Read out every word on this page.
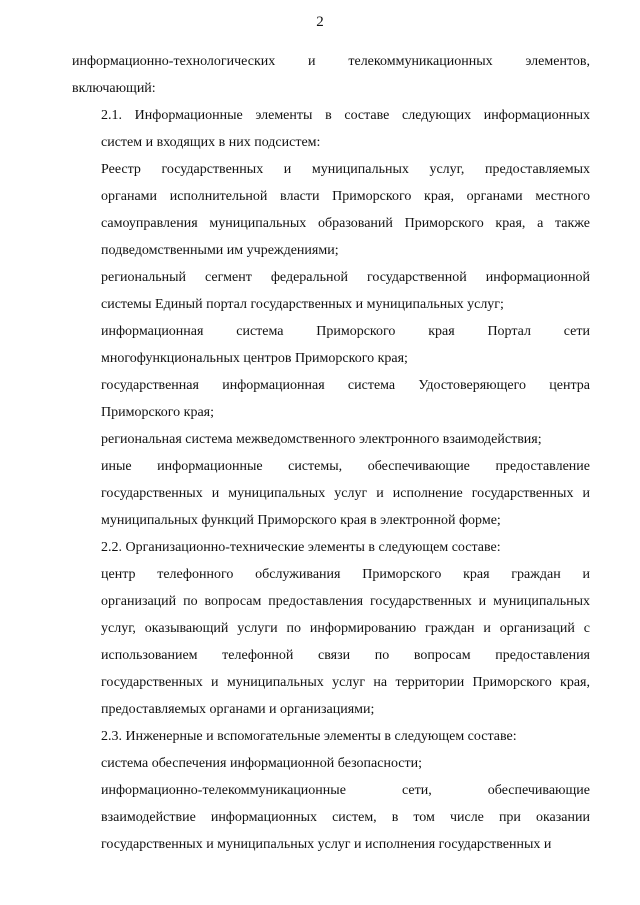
2

информационно-технологических и телекоммуникационных элементов,
включающий:

2.1. Информационные элементы в составе следующих информационных
систем и входящих в них подсистем:

Реестр государственных и муниципальных услуг, предоставляемых
органами исполнительной власти Приморского края, органами местного
самоуправления муниципальных образований Приморского края, а также
подведомственными им учреждениями;

региональный сегмент федеральной государственной информационной
системы Единый портал государственных и муниципальных услуг;

информационная система Приморского края Портал сети
многофункциональных центров Приморского края;

государственная информационная система Удостоверяющего центра
Приморского края;

региональная система межведомственного электронного взаимодействия;

иные информационные системы, обеспечивающие предоставление
государственных и муниципальных услуг и исполнение государственных и
муниципальных функций Приморского края в электронной форме;

2.2. Организационно-технические элементы в следующем составе:

центр телефонного обслуживания Приморского края граждан и
организаций по вопросам предоставления государственных и муниципальных
услуг, оказывающий услуги по информированию граждан и организаций с
использованием телефонной связи по вопросам предоставления
государственных и муниципальных услуг на территории Приморского края,
предоставляемых органами и организациями;

2.3. Инженерные и вспомогательные элементы в следующем составе:

система обеспечения информационной безопасности;

информационно-телекоммуникационные сети, обеспечивающие
взаимодействие информационных систем, в том числе при оказании
государственных и муниципальных услуг и исполнения государственных и
